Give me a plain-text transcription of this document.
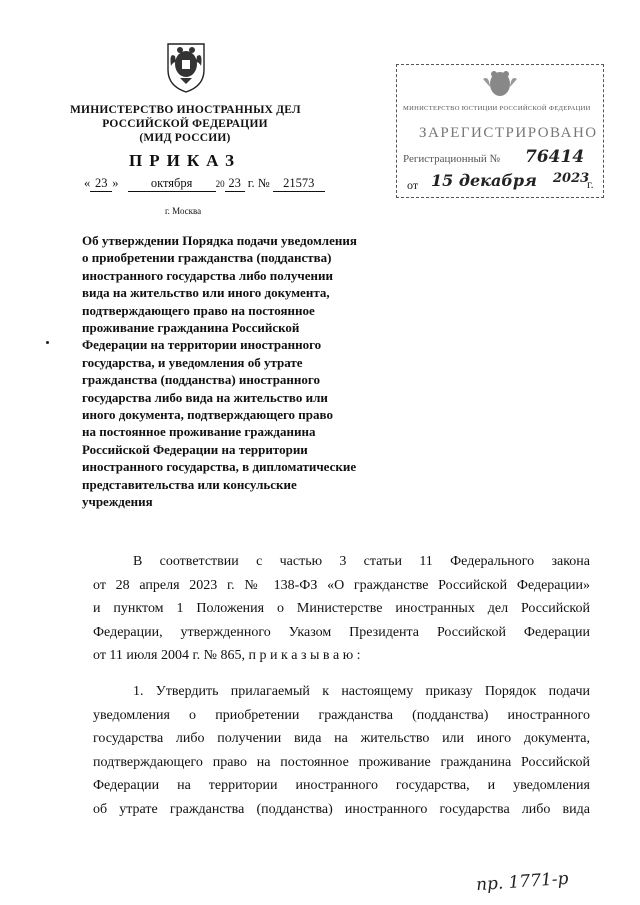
МИНИСТЕРСТВО ИНОСТРАННЫХ ДЕЛ
РОССИЙСКОЙ ФЕДЕРАЦИИ
(МИД РОССИИ)
ПРИКАЗ
« 23 »	октября	20 23 г. № 21573
г. Москва
МИНИСТЕРСТВО ЮСТИЦИИ РОССИЙСКОЙ ФЕДЕРАЦИИ
ЗАРЕГИСТРИРОВАНО
Регистрационный № 76414
от 15 декабря 2023
г.
Об утверждении Порядка подачи уведомления
о приобретении гражданства (подданства)
иностранного государства либо получении
вида на жительство или иного документа,
подтверждающего право на постоянное
проживание гражданина Российской
Федерации на территории иностранного
государства, и уведомления об утрате
гражданства (подданства) иностранного
государства либо вида на жительство или
иного документа, подтверждающего право
на постоянное проживание гражданина
Российской Федерации на территории
иностранного государства, в дипломатические
представительства или консульские
учреждения
В соответствии с частью 3 статьи 11 Федерального закона
от 28 апреля 2023 г. № 138-ФЗ «О гражданстве Российской Федерации»
и пунктом 1 Положения о Министерстве иностранных дел Российской
Федерации, утвержденного Указом Президента Российской Федерации
от 11 июля 2004 г. № 865, п р и к а з ы в а ю :
1. Утвердить прилагаемый к настоящему приказу Порядок подачи
уведомления о приобретении гражданства (подданства) иностранного
государства либо получении вида на жительство или иного документа,
подтверждающего право на постоянное проживание гражданина Российской
Федерации на территории иностранного государства, и уведомления
об утрате гражданства (подданства) иностранного государства либо вида
пр. 1771-р
